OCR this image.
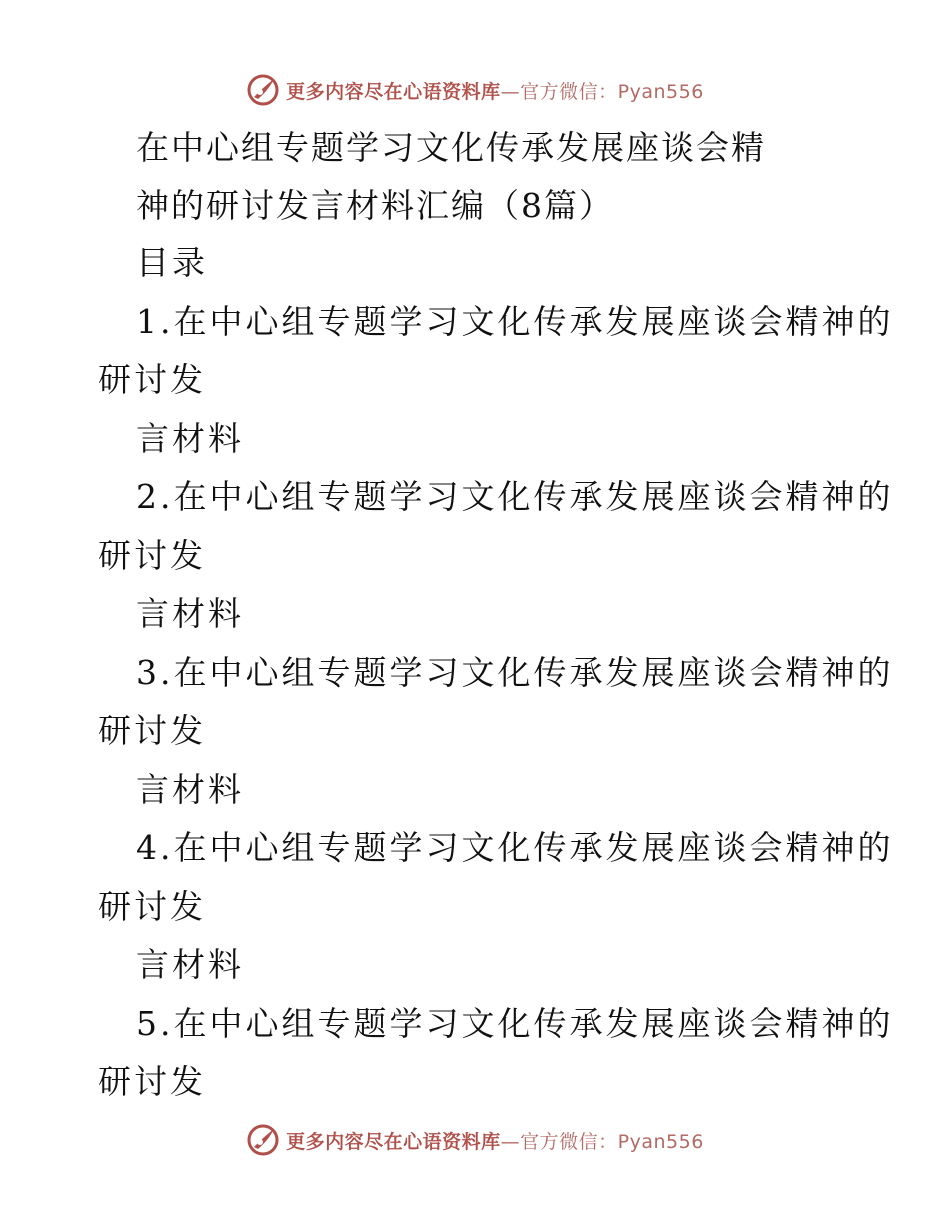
更多内容尽在心语资料库—官方微信：Pyan556
在中心组专题学习文化传承发展座谈会精
神的研讨发言材料汇编（8篇）
目录
1.在中心组专题学习文化传承发展座谈会精神的
研讨发
言材料
2.在中心组专题学习文化传承发展座谈会精神的
研讨发
言材料
3.在中心组专题学习文化传承发展座谈会精神的
研讨发
言材料
4.在中心组专题学习文化传承发展座谈会精神的
研讨发
言材料
5.在中心组专题学习文化传承发展座谈会精神的
研讨发
更多内容尽在心语资料库—官方微信：Pyan556
